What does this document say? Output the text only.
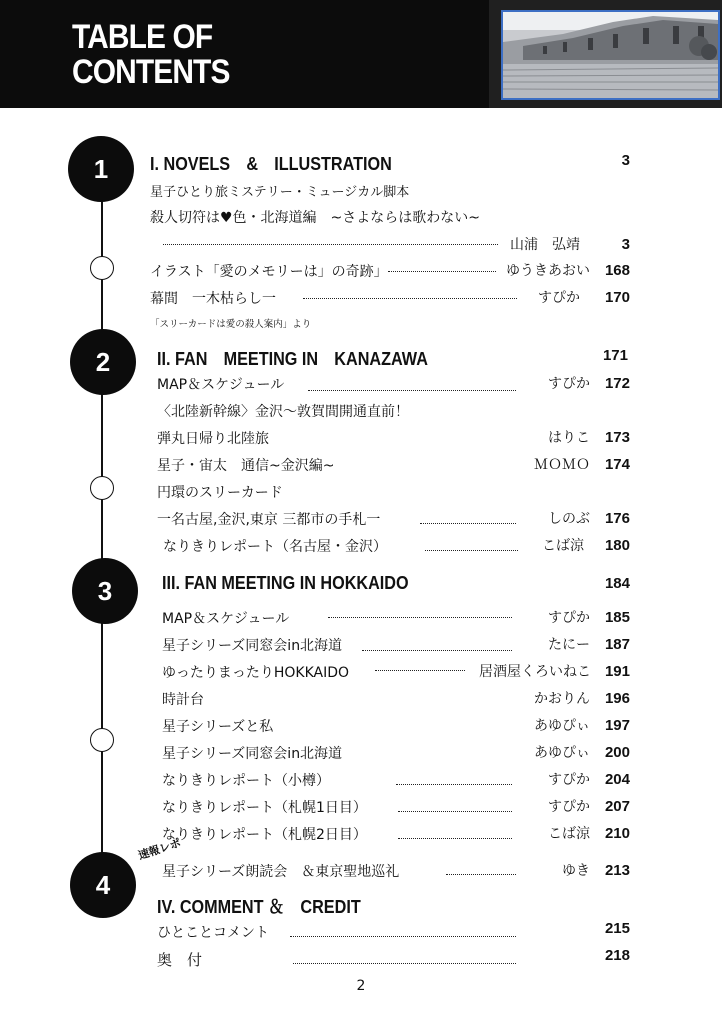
TABLE OF
CONTENTS
1
2
3
4
I. NOVELS　&　ILLUSTRATION	3
星子ひとり旅ミステリー・ミュージカル脚本
殺人切符は♥色・北海道編　~さよならは歌わない~
山浦　弘靖	3
イラスト「愛のメモリーは」の奇跡」	ゆうきあおい 168
幕間　一木枯らし一	すぴか	170
「スリーカードは愛の殺人案内」より
II. FAN　MEETING IN　KANAZAWA	171
MAP＆スケジュール	すぴか 172
〈北陸新幹線〉金沢～敦賀間開通直前！
弾丸日帰り北陸旅	はりこ 173
星子・宙太　通信~金沢編~	ＭＯＭＯ 174
円環のスリーカード
一名古屋,金沢,東京 三都市の手札一	しのぶ 176
なりきりレポート（名古屋・金沢）	こば涼	180
III. FAN MEETING IN HOKKAIDO	184
MAP＆スケジュール	すぴか 185
星子シリーズ同窓会in北海道	たにー 187
ゆったりまったりHOKKAIDO	居酒屋くろいねこ 191
時計台	かおりん 196
星子シリーズと私	あゆぴぃ 197
星子シリーズ同窓会in北海道	あゆぴぃ 200
なりきりレポート（小樽）	すぴか 204
なりきりレポート（札幌1日目）	すぴか 207
なりきりレポート（札幌2日目）	こば涼 210
速報レポ
星子シリーズ朗読会　＆東京聖地巡礼	ゆき 213
IV. COMMENT ＆　CREDIT
ひとことコメント	215
奥　付	218
2
